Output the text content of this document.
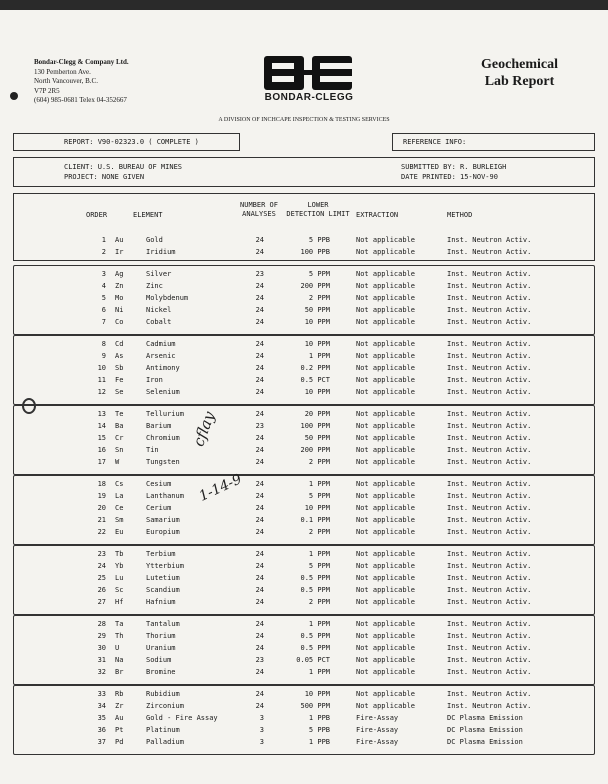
Bondar-Clegg & Company Ltd.
130 Pemberton Ave.
North Vancouver, B.C.
V7P 2R5
(604) 985-0681 Telex 04-352667	BONDAR-CLEGG
Geochemical
Lab Report
A DIVISION OF INCHCAPE INSPECTION & TESTING SERVICES
REPORT: V90-02323.0 ( COMPLETE )	REFERENCE INFO:
CLIENT: U.S. BUREAU OF MINES
PROJECT: NONE GIVEN
SUBMITTED BY: R. BURLEIGH
DATE PRINTED: 15-NOV-90
ORDER	ELEMENT
NUMBER OF
ANALYSES
LOWER
DETECTION LIMIT EXTRACTION	METHOD
1 Au	Gold	24	5 PPB	Not applicable	Inst. Neutron Activ.
2 Ir	Iridium	24	100 PPB	Not applicable	Inst. Neutron Activ.
3 Ag	Silver	23	5 PPM	Not applicable	Inst. Neutron Activ.
4 Zn	Zinc	24	200 PPM	Not applicable	Inst. Neutron Activ.
5 Mo	Molybdenum	24	2 PPM	Not applicable	Inst. Neutron Activ.
6 Ni	Nickel	24	50 PPM	Not applicable	Inst. Neutron Activ.
7 Co	Cobalt	24	10 PPM	Not applicable	Inst. Neutron Activ.
8 Cd	Cadmium	24	10 PPM	Not applicable	Inst. Neutron Activ.
9 As	Arsenic	24	1 PPM	Not applicable	Inst. Neutron Activ.
10 Sb	Antimony	24	0.2 PPM	Not applicable	Inst. Neutron Activ.
11 Fe	Iron	24	0.5 PCT	Not applicable	Inst. Neutron Activ.
12 Se	Selenium	24	10 PPM	Not applicable	Inst. Neutron Activ.
13 Te	Tellurium	24	20 PPM	Not applicable	Inst. Neutron Activ.
14 Ba	Barium	23	100 PPM	Not applicable	Inst. Neutron Activ.
15 Cr	Chromium	24	50 PPM	Not applicable	Inst. Neutron Activ.
16 Sn	Tin	24	200 PPM	Not applicable	Inst. Neutron Activ.
17 W	Tungsten	24	2 PPM	Not applicable	Inst. Neutron Activ.
18 Cs	Cesium	24	1 PPM	Not applicable	Inst. Neutron Activ.
19 La	Lanthanum	24	5 PPM	Not applicable	Inst. Neutron Activ.
20 Ce	Cerium	24	10 PPM	Not applicable	Inst. Neutron Activ.
21 Sm	Samarium	24	0.1 PPM	Not applicable	Inst. Neutron Activ.
22 Eu	Europium	24	2 PPM	Not applicable	Inst. Neutron Activ.
23 Tb	Terbium	24	1 PPM	Not applicable	Inst. Neutron Activ.
24 Yb	Ytterbium	24	5 PPM	Not applicable	Inst. Neutron Activ.
25 Lu	Lutetium	24	0.5 PPM	Not applicable	Inst. Neutron Activ.
26 Sc	Scandium	24	0.5 PPM	Not applicable	Inst. Neutron Activ.
27 Hf	Hafnium	24	2 PPM	Not applicable	Inst. Neutron Activ.
28 Ta	Tantalum	24	1 PPM	Not applicable	Inst. Neutron Activ.
29 Th	Thorium	24	0.5 PPM	Not applicable	Inst. Neutron Activ.
30 U	Uranium	24	0.5 PPM	Not applicable	Inst. Neutron Activ.
31 Na	Sodium	23	0.05 PCT	Not applicable	Inst. Neutron Activ.
32 Br	Bromine	24	1 PPM	Not applicable	Inst. Neutron Activ.
33 Rb	Rubidium	24	10 PPM	Not applicable	Inst. Neutron Activ.
34 Zr	Zirconium	24	500 PPM	Not applicable	Inst. Neutron Activ.
35 Au	Gold - Fire Assay	3	1 PPB	Fire-Assay	DC Plasma Emission
36 Pt	Platinum	3	5 PPB	Fire-Assay	DC Plasma Emission
37 Pd	Palladium	3	1 PPB	Fire-Assay	DC Plasma Emission
cflay
1-14-9
